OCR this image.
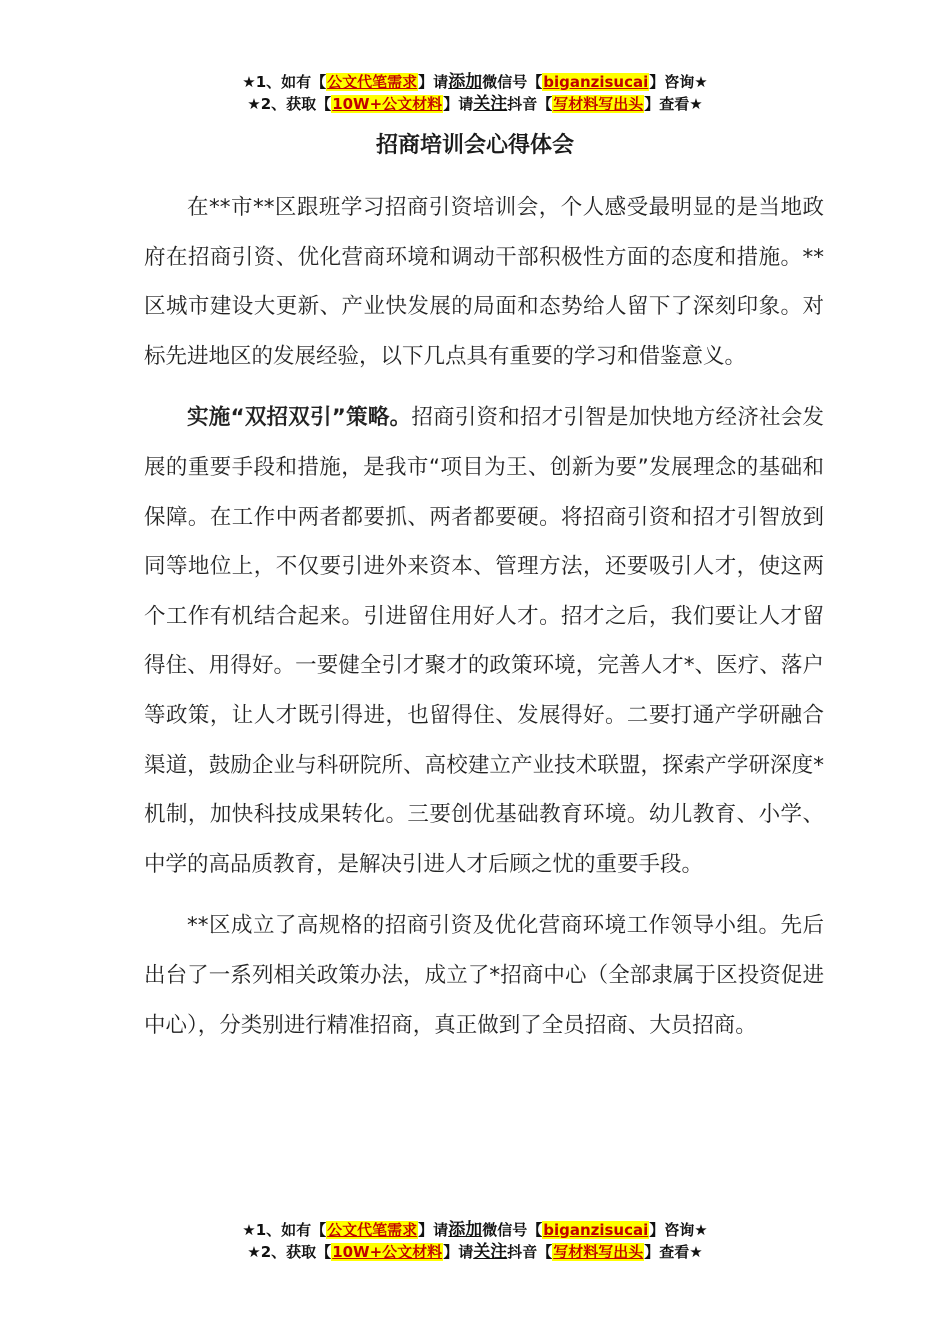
★1、如有【公文代笔需求】请添加微信号【biganzisucai】咨询★
★2、获取【10W+公文材料】请关注抖音【写材料写出头】查看★
招商培训会心得体会

在**市**区跟班学习招商引资培训会，个人感受最明显的是当地政府在招商引资、优化营商环境和调动干部积极性方面的态度和措施。**区城市建设大更新、产业快发展的局面和态势给人留下了深刻印象。对标先进地区的发展经验，以下几点具有重要的学习和借鉴意义。

实施“双招双引”策略。招商引资和招才引智是加快地方经济社会发展的重要手段和措施，是我市“项目为王、创新为要”发展理念的基础和保障。在工作中两者都要抓、两者都要硬。将招商引资和招才引智放到同等地位上，不仅要引进外来资本、管理方法，还要吸引人才，使这两个工作有机结合起来。引进留住用好人才。招才之后，我们要让人才留得住、用得好。一要健全引才聚才的政策环境，完善人才*、医疗、落户等政策，让人才既引得进，也留得住、发展得好。二要打通产学研融合渠道，鼓励企业与科研院所、高校建立产业技术联盟，探索产学研深度*机制，加快科技成果转化。三要创优基础教育环境。幼儿教育、小学、中学的高品质教育，是解决引进人才后顾之忧的重要手段。

**区成立了高规格的招商引资及优化营商环境工作领导小组。先后出台了一系列相关政策办法，成立了*招商中心（全部隶属于区投资促进中心），分类别进行精准招商，真正做到了全员招商、大员招商。

★1、如有【公文代笔需求】请添加微信号【biganzisucai】咨询★
★2、获取【10W+公文材料】请关注抖音【写材料写出头】查看★
